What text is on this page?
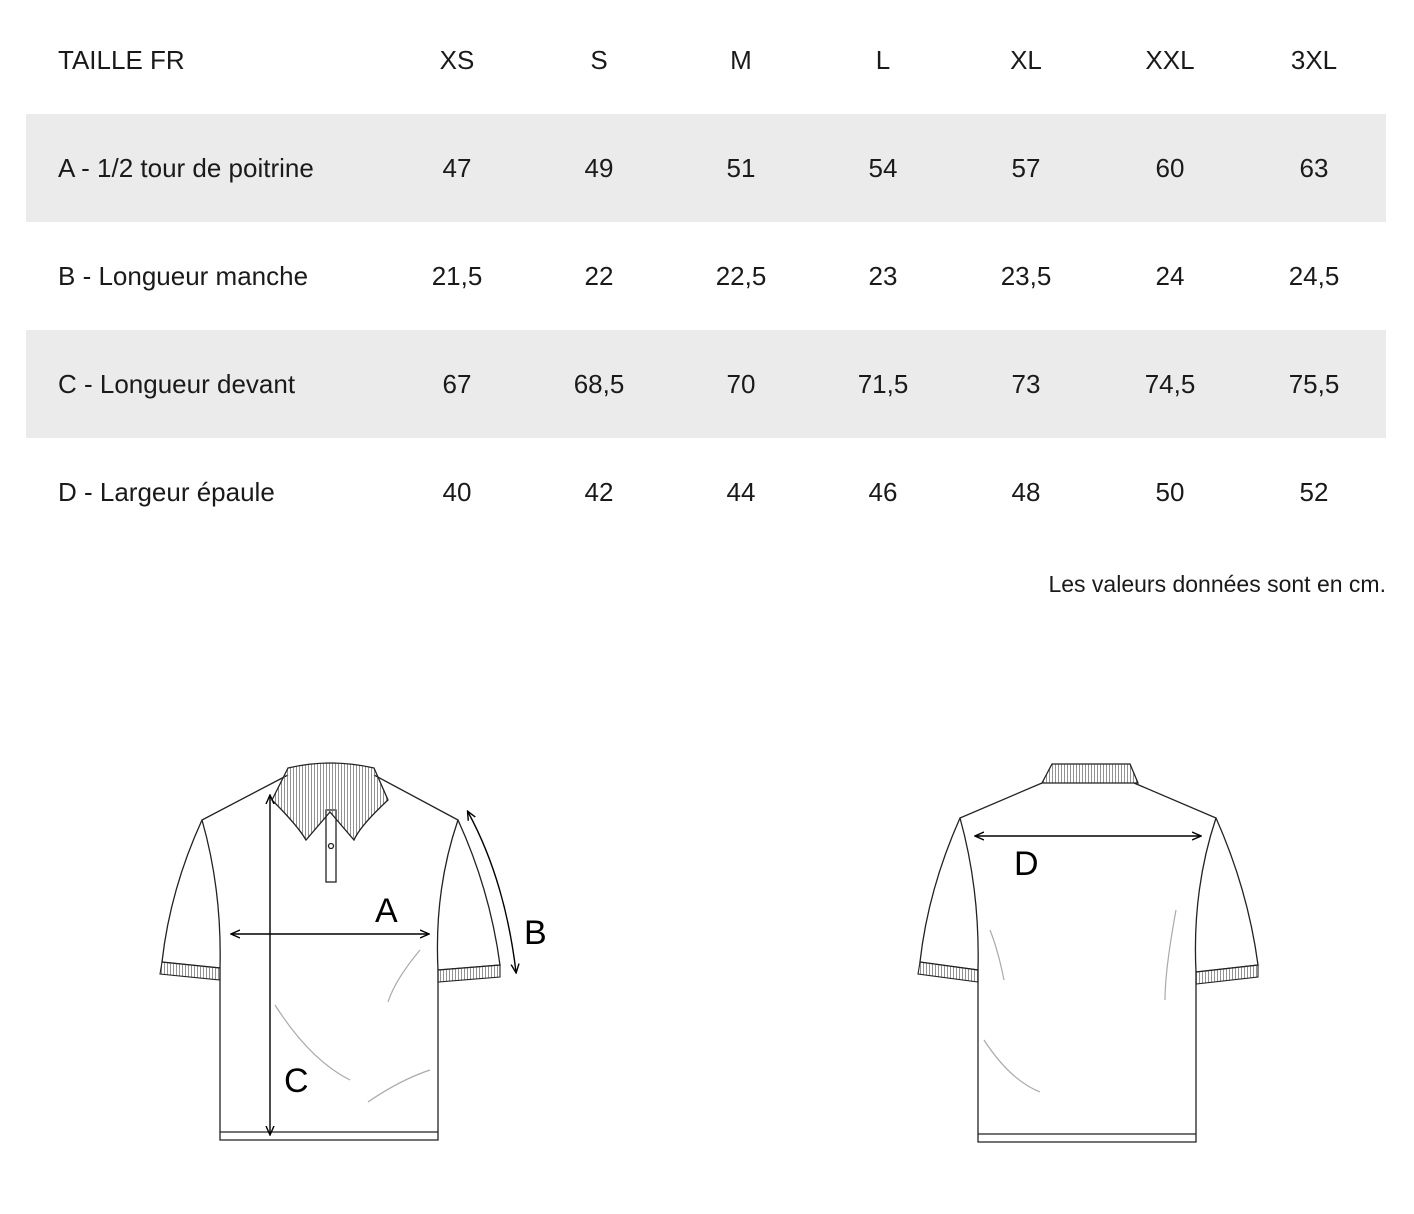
TAILLE FR	XS	S	M	L	XL	XXL	3XL
A - 1/2 tour de poitrine	47	49	51	54	57	60	63
B - Longueur manche	21,5	22	22,5	23	23,5	24	24,5
C - Longueur devant	67	68,5	70	71,5	73	74,5	75,5
D - Largeur épaule	40	42	44	46	48	50	52
Les valeurs données sont en cm.
A
B
C
D
